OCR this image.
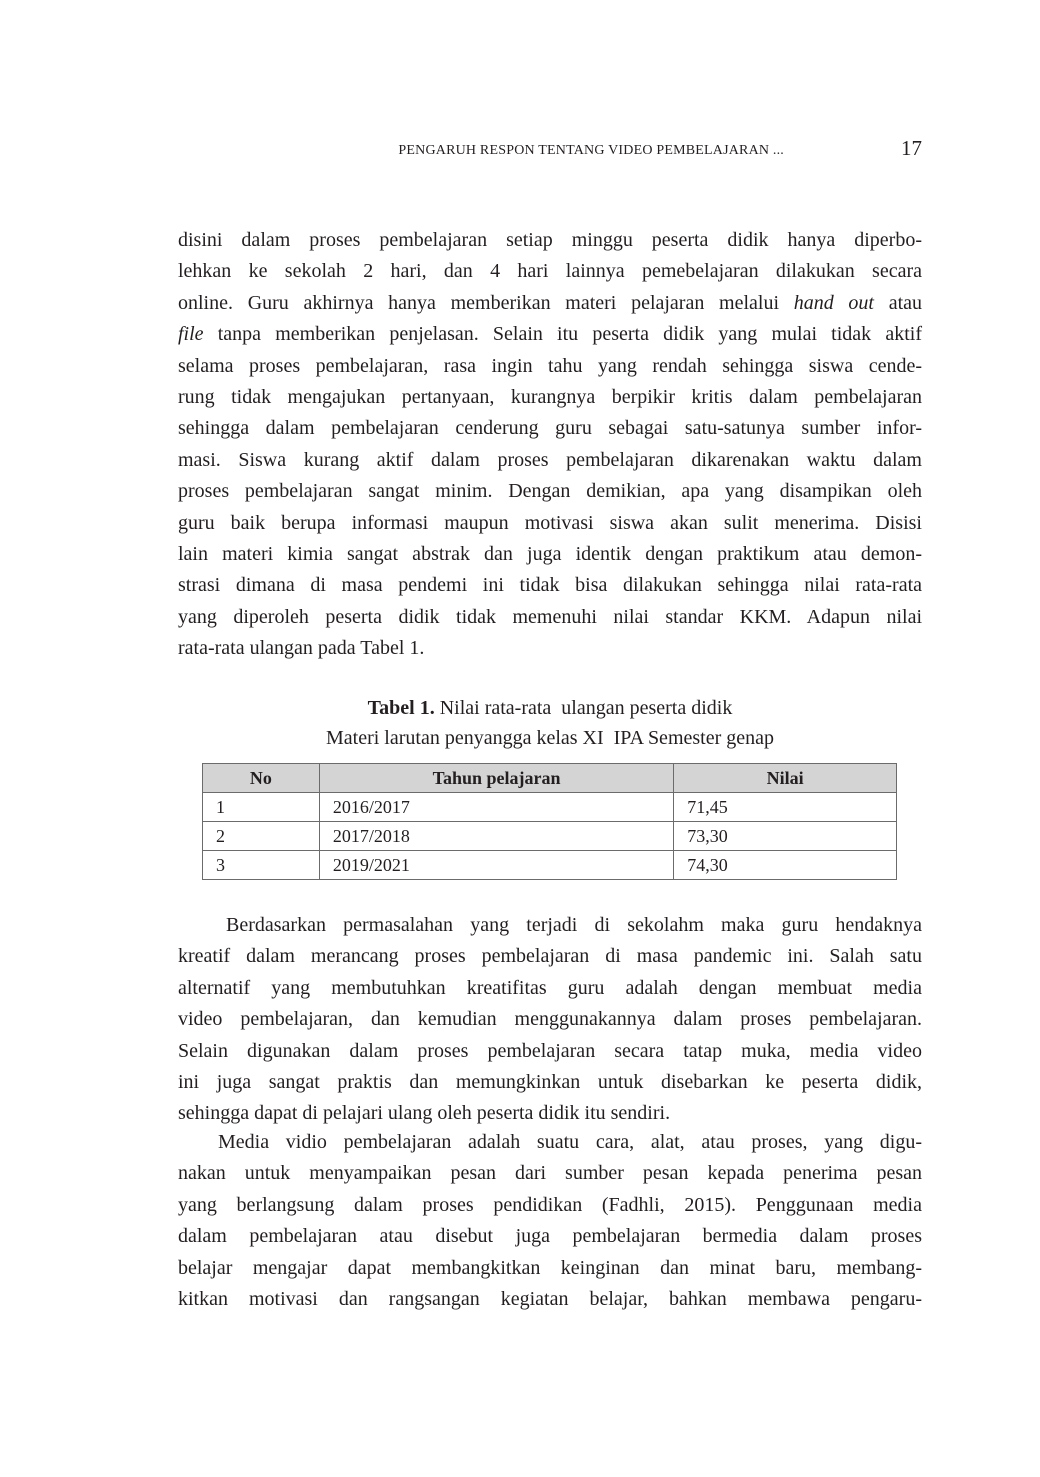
PENGARUH RESPON TENTANG VIDEO PEMBELAJARAN ...	17
disini dalam proses pembelajaran setiap minggu peserta didik hanya diperbo-
lehkan ke sekolah 2 hari, dan 4 hari lainnya pemebelajaran dilakukan secara
online. Guru akhirnya hanya memberikan materi pelajaran melalui hand out atau
file tanpa memberikan penjelasan. Selain itu peserta didik yang mulai tidak aktif
selama proses pembelajaran, rasa ingin tahu yang rendah sehingga siswa cende-
rung tidak mengajukan pertanyaan, kurangnya berpikir kritis dalam pembelajaran
sehingga dalam pembelajaran cenderung guru sebagai satu-satunya sumber infor-
masi. Siswa kurang aktif dalam proses pembelajaran dikarenakan waktu dalam
proses pembelajaran sangat minim. Dengan demikian, apa yang disampikan oleh
guru baik berupa informasi maupun motivasi siswa akan sulit menerima. Disisi
lain materi kimia sangat abstrak dan juga identik dengan praktikum atau demon-
strasi dimana di masa pendemi ini tidak bisa dilakukan sehingga nilai rata-rata
yang diperoleh peserta didik tidak memenuhi nilai standar KKM. Adapun nilai
rata-rata ulangan pada Tabel 1.

Tabel 1. Nilai rata-rata  ulangan peserta didik
Materi larutan penyangga kelas XI  IPA Semester genap

No	Tahun pelajaran	Nilai
1	2016/2017	71,45
2	2017/2018	73,30
3	2019/2021	74,30
Berdasarkan permasalahan yang terjadi di sekolahm maka guru hendaknya
kreatif dalam merancang proses pembelajaran di masa pandemic ini. Salah satu
alternatif yang membutuhkan kreatifitas guru adalah dengan membuat media
video pembelajaran, dan kemudian menggunakannya dalam proses pembelajaran.
Selain digunakan dalam proses pembelajaran secara tatap muka, media video
ini juga sangat praktis dan memungkinkan untuk disebarkan ke peserta didik,
sehingga dapat di pelajari ulang oleh peserta didik itu sendiri.
Media vidio pembelajaran adalah suatu cara, alat, atau proses, yang digu-
nakan untuk menyampaikan pesan dari sumber pesan kepada penerima pesan
yang berlangsung dalam proses pendidikan (Fadhli, 2015). Penggunaan media
dalam pembelajaran atau disebut juga pembelajaran bermedia dalam proses
belajar mengajar dapat membangkitkan keinginan dan minat baru, membang-
kitkan motivasi dan rangsangan kegiatan belajar, bahkan membawa pengaru-
